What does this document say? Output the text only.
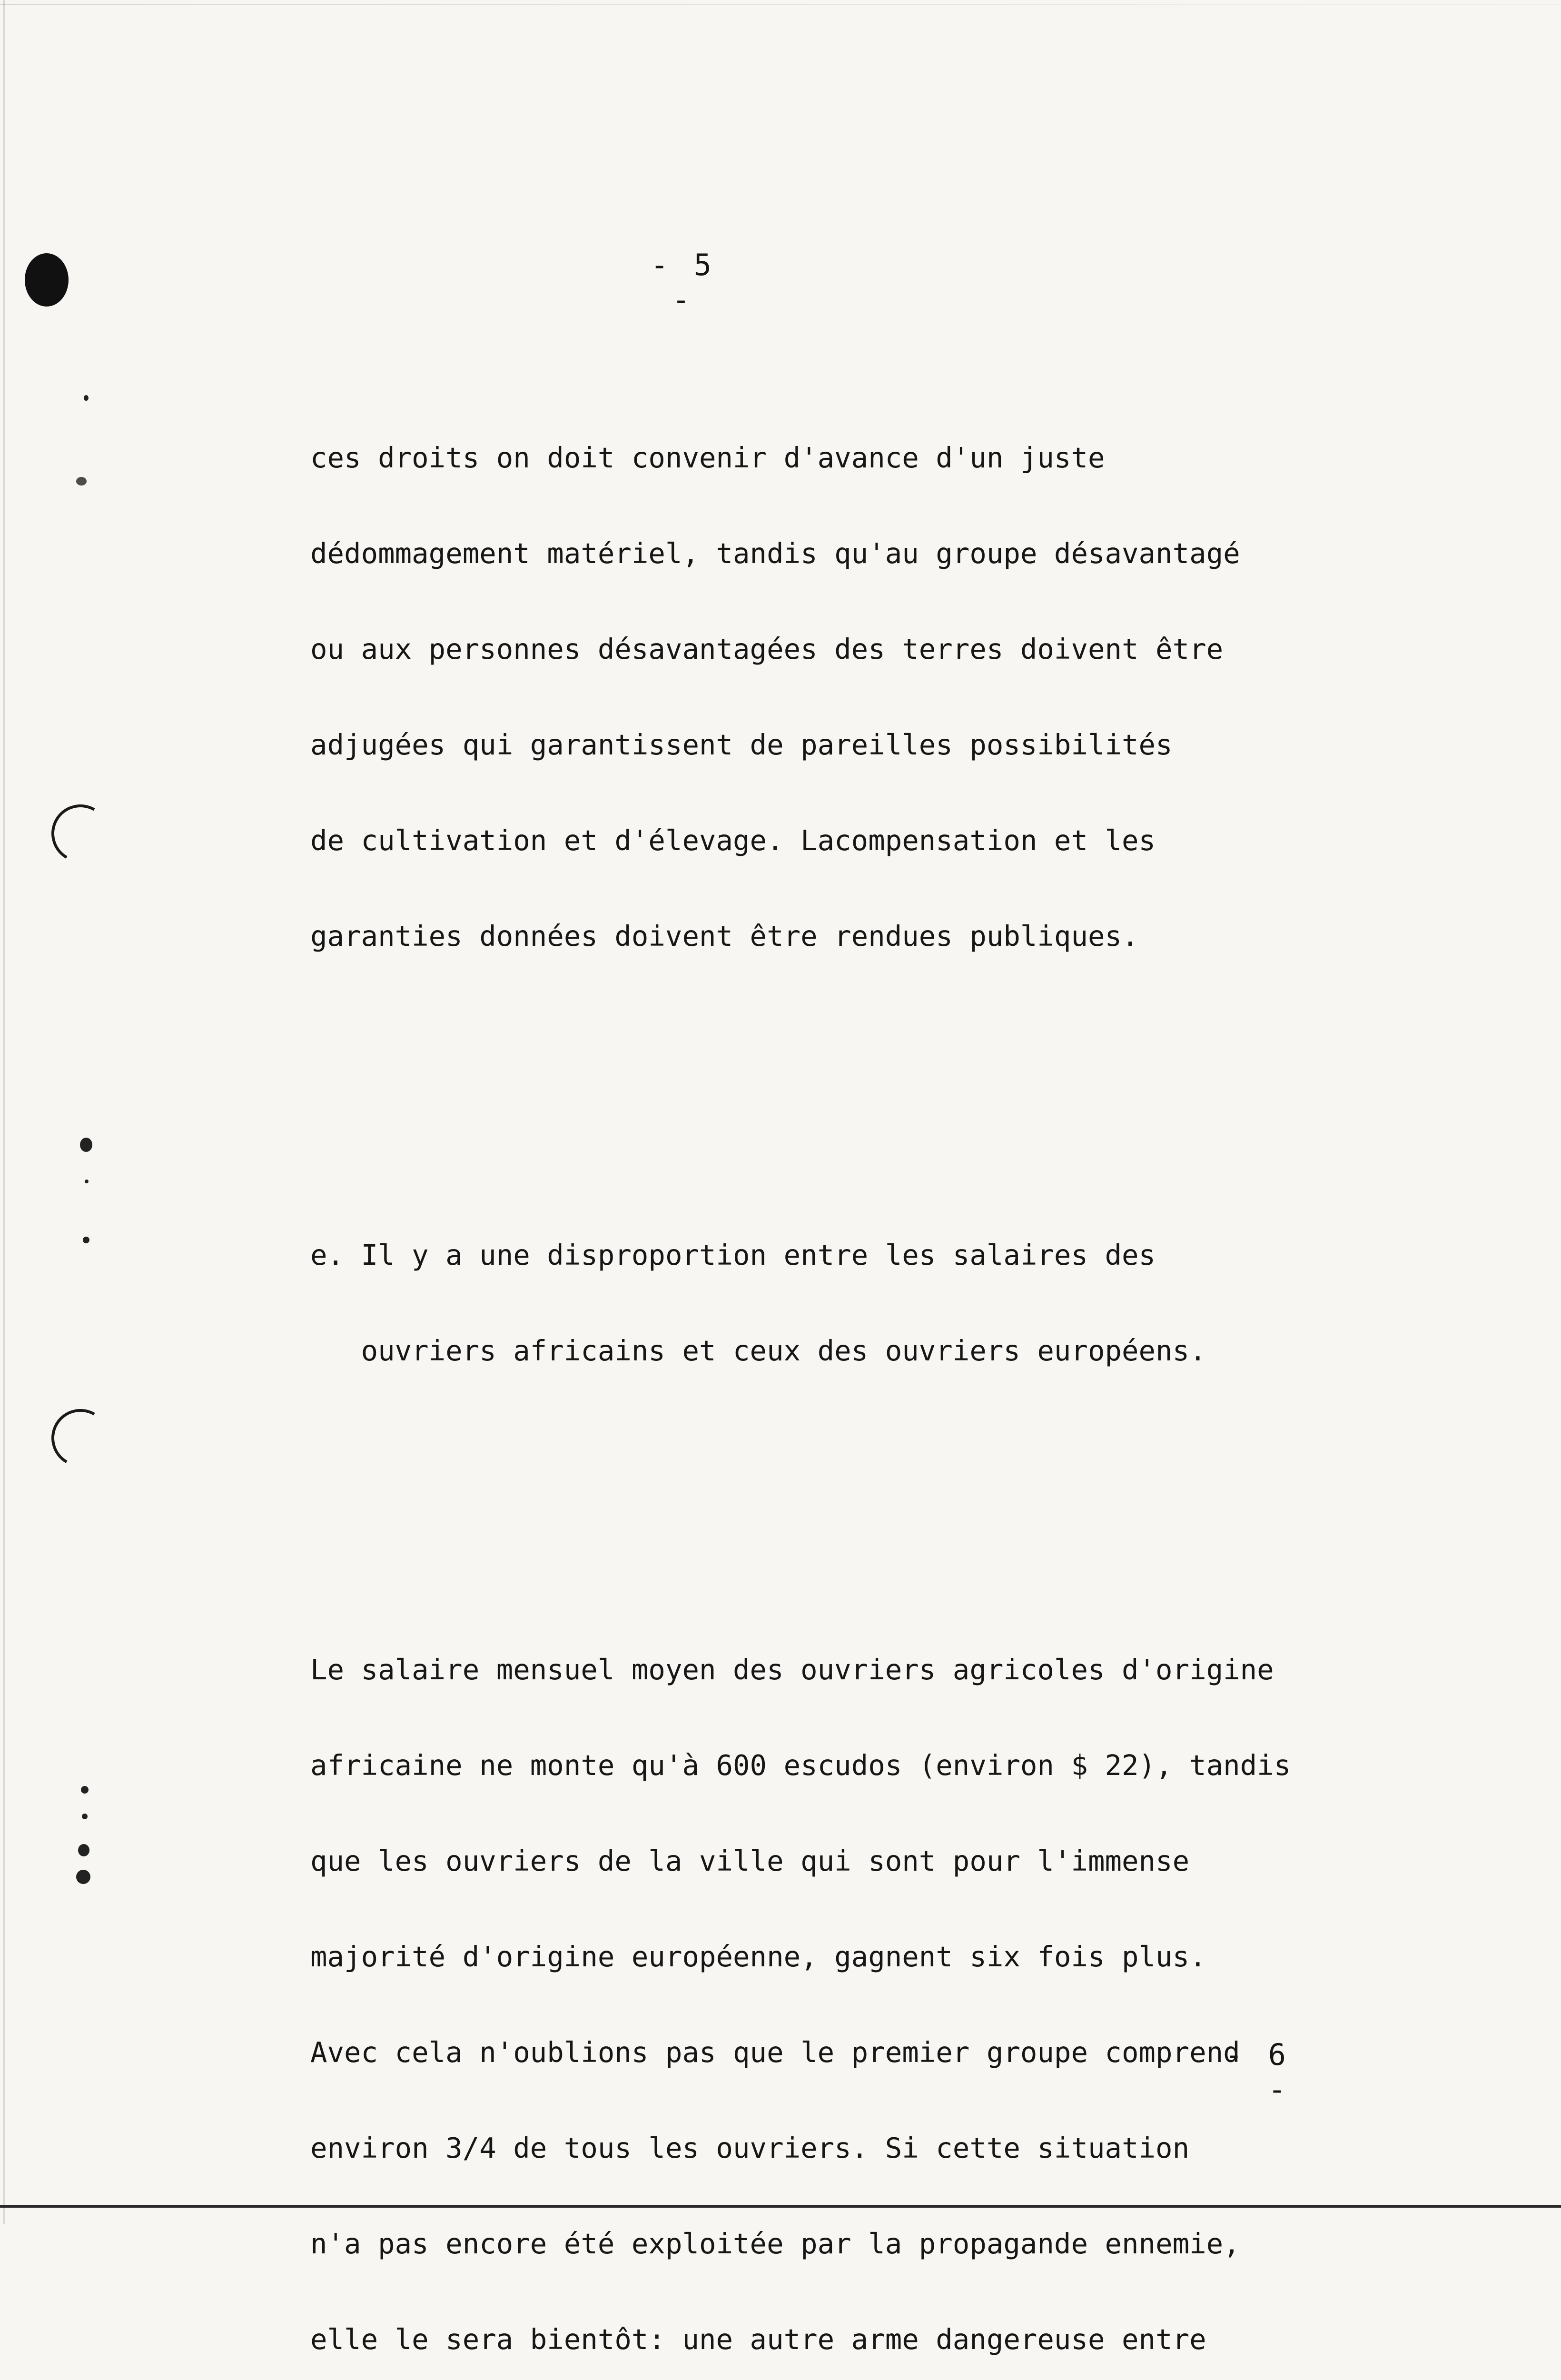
- 5 -

ces droits on doit convenir d'avance d'un juste

dédommagement matériel, tandis qu'au groupe désavantagé

ou aux personnes désavantagées des terres doivent être

adjugées qui garantissent de pareilles possibilités

de cultivation et d'élevage. Lacompensation et les

garanties données doivent être rendues publiques.

e. Il y a une disproportion entre les salaires des

ouvriers africains et ceux des ouvriers européens.

Le salaire mensuel moyen des ouvriers agricoles d'origine

africaine ne monte qu'à 600 escudos (environ $ 22), tandis

que les ouvriers de la ville qui sont pour l'immense

majorité d'origine européenne, gagnent six fois plus.

Avec cela n'oublions pas que le premier groupe comprend

environ 3/4 de tous les ouvriers. Si cette situation

n'a pas encore été exploitée par la propagande ennemie,

elle le sera bientôt: une autre arme dangereuse entre

- 6 -
